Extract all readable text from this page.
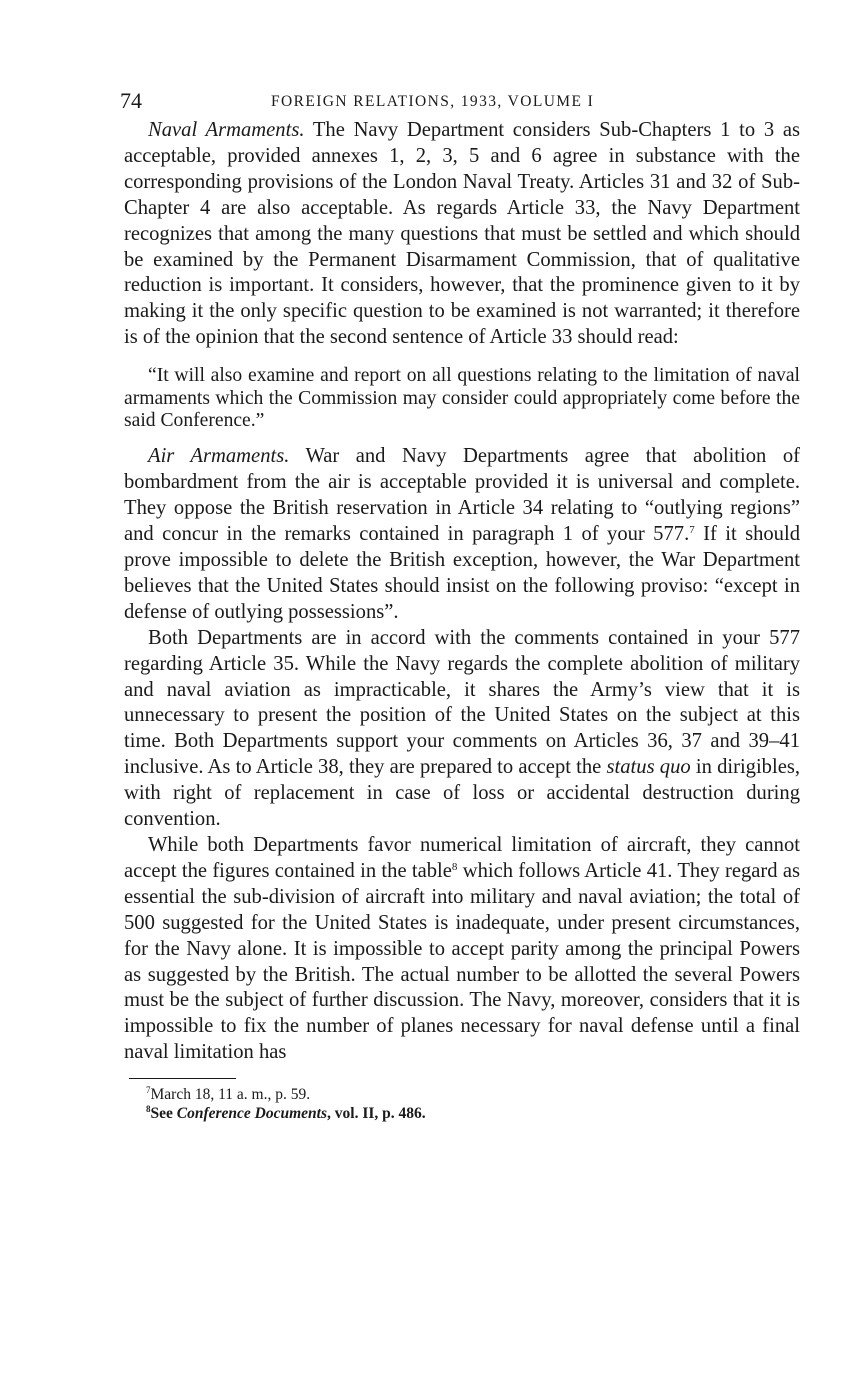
74	FOREIGN RELATIONS, 1933, VOLUME I

Naval Armaments. The Navy Department considers Sub-Chapters 1 to 3 as acceptable, provided annexes 1, 2, 3, 5 and 6 agree in substance with the corresponding provisions of the London Naval Treaty. Articles 31 and 32 of Sub-Chapter 4 are also acceptable. As regards Article 33, the Navy Department recognizes that among the many questions that must be settled and which should be examined by the Permanent Disarmament Commission, that of qualitative reduction is important. It considers, however, that the prominence given to it by making it the only specific question to be examined is not warranted; it therefore is of the opinion that the second sentence of Article 33 should read:

“It will also examine and report on all questions relating to the limitation of naval armaments which the Commission may consider could appropriately come before the said Conference.”

Air Armaments. War and Navy Departments agree that abolition of bombardment from the air is acceptable provided it is universal and complete. They oppose the British reservation in Article 34 relating to “outlying regions” and concur in the remarks contained in paragraph 1 of your 577.$^7$ If it should prove impossible to delete the British exception, however, the War Department believes that the United States should insist on the following proviso: “except in defense of outlying possessions”.

Both Departments are in accord with the comments contained in your 577 regarding Article 35. While the Navy regards the complete abolition of military and naval aviation as impracticable, it shares the Army’s view that it is unnecessary to present the position of the United States on the subject at this time. Both Departments support your comments on Articles 36, 37 and 39–41 inclusive. As to Article 38, they are prepared to accept the status quo in dirigibles, with right of replacement in case of loss or accidental destruction during convention.

While both Departments favor numerical limitation of aircraft, they cannot accept the figures contained in the table$^8$ which follows Article 41. They regard as essential the sub-division of aircraft into military and naval aviation; the total of 500 suggested for the United States is inadequate, under present circumstances, for the Navy alone. It is impossible to accept parity among the principal Powers as suggested by the British. The actual number to be allotted the several Powers must be the subject of further discussion. The Navy, moreover, considers that it is impossible to fix the number of planes necessary for naval defense until a final naval limitation has

$^7$March 18, 11 a. m., p. 59.

$^8$See Conference Documents, vol. II, p. 486.
